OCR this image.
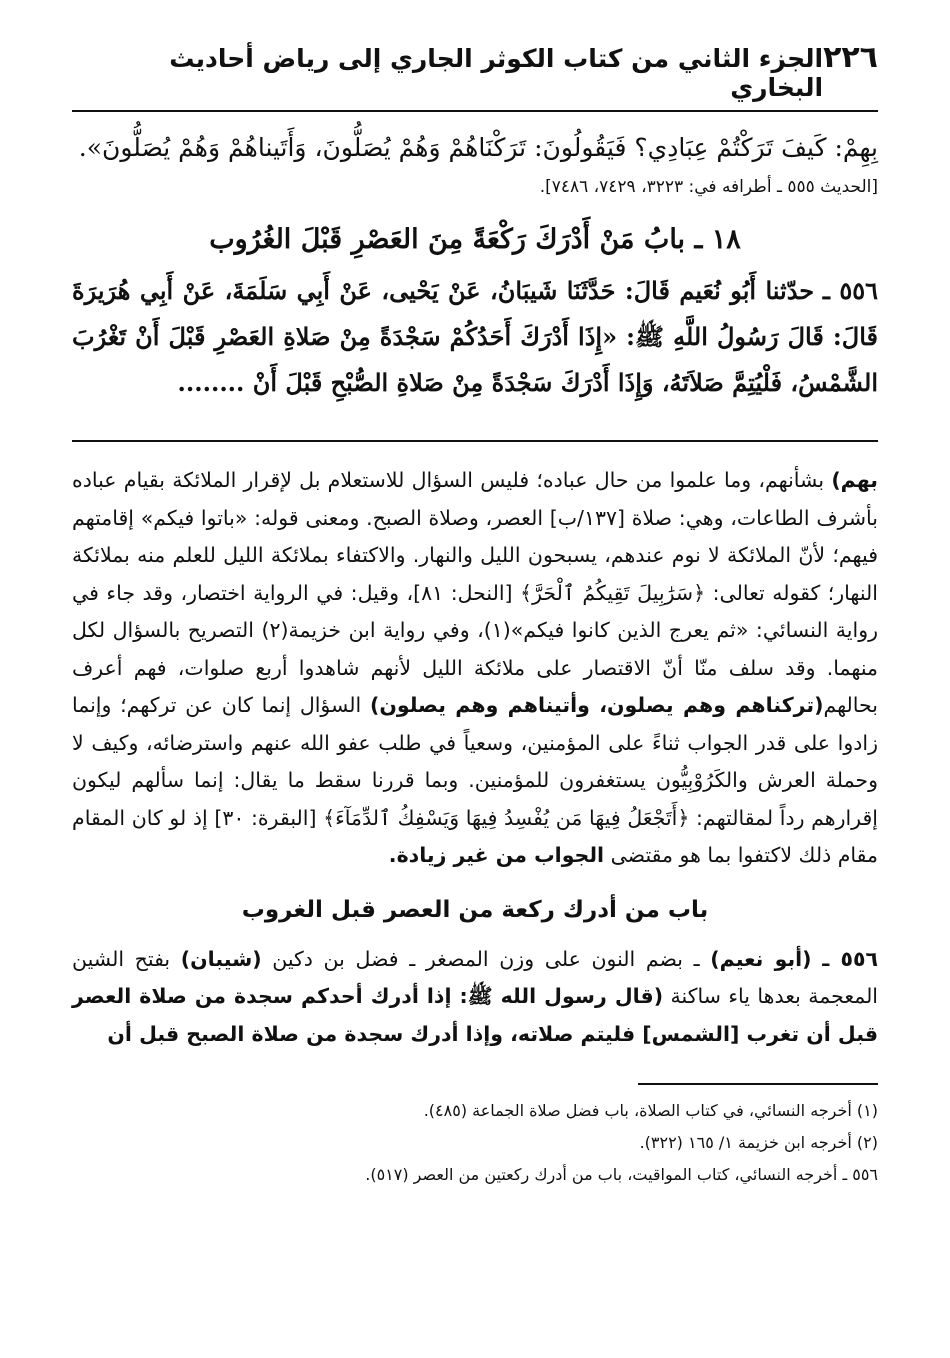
٢٢٦
الجزء الثاني من كتاب الكوثر الجاري إلى رياض أحاديث البخاري

بِهِمْ: كَيفَ تَرَكْتُمْ عِبَادِي؟ فَيَقُولُونَ: تَرَكْنَاهُمْ وَهُمْ يُصَلُّونَ، وَأَتَيناهُمْ وَهُمْ يُصَلُّونَ».

[الحديث ٥٥٥ ـ أطرافه في: ٣٢٢٣، ٧٤٢٩، ٧٤٨٦].
١٨ ـ بابُ مَنْ أَدْرَكَ رَكْعَةً مِنَ العَصْرِ قَبْلَ الغُرُوب

٥٥٦ ـ حدّثنا أَبُو نُعَيم قَالَ: حَدَّثَنَا شَيبَانُ، عَنْ يَحْيى، عَنْ أَبِي سَلَمَةَ، عَنْ أَبِي هُرَيرَةَ قَالَ: قَالَ رَسُولُ اللَّهِ ﷺ: «إِذَا أَدْرَكَ أَحَدُكُمْ سَجْدَةً مِنْ صَلاةِ العَصْرِ قَبْلَ أَنْ تَغْرُبَ الشَّمْسُ، فَلْيُتِمَّ صَلاَتَهُ، وَإِذَا أَدْرَكَ سَجْدَةً مِنْ صَلاةِ الصُّبْحِ قَبْلَ أَنْ ........

بهم) بشأنهم، وما علموا من حال عباده؛ فليس السؤال للاستعلام بل لإقرار الملائكة بقيام عباده بأشرف الطاعات، وهي: صلاة [١٣٧/ب] العصر، وصلاة الصبح. ومعنى قوله: «باتوا فيكم» إقامتهم فيهم؛ لأنّ الملائكة لا نوم عندهم، يسبحون الليل والنهار. والاكتفاء بملائكة الليل للعلم منه بملائكة النهار؛ كقوله تعالى: ﴿سَرَٰبِيلَ تَقِيكُمُ ٱلْحَرَّ﴾ [النحل: ٨١]، وقيل: في الرواية اختصار، وقد جاء في رواية النسائي: «ثم يعرج الذين كانوا فيكم»(١)، وفي رواية ابن خزيمة(٢) التصريح بالسؤال لكل منهما. وقد سلف منّا أنّ الاقتصار على ملائكة الليل لأنهم شاهدوا أربع صلوات، فهم أعرف بحالهم(تركناهم وهم يصلون، وأتيناهم وهم يصلون) السؤال إنما كان عن تركهم؛ وإنما زادوا على قدر الجواب ثناءً على المؤمنين، وسعياً في طلب عفو الله عنهم واسترضائه، وكيف لا وحملة العرش والكَرُوْبِيُّون يستغفرون للمؤمنين. وبما قررنا سقط ما يقال: إنما سألهم ليكون إقرارهم رداً لمقالتهم: ﴿أَتَجْعَلُ فِيهَا مَن يُفْسِدُ فِيهَا وَيَسْفِكُ ٱلدِّمَآءَ﴾ [البقرة: ٣٠] إذ لو كان المقام مقام ذلك لاكتفوا بما هو مقتضى الجواب من غير زيادة.

باب من أدرك ركعة من العصر قبل الغروب

٥٥٦ ـ (أبو نعيم) ـ بضم النون على وزن المصغر ـ فضل بن دكين (شيبان) بفتح الشين المعجمة بعدها ياء ساكنة (قال رسول الله ﷺ: إذا أدرك أحدكم سجدة من صلاة العصر قبل أن تغرب [الشمس] فليتم صلاته، وإذا أدرك سجدة من صلاة الصبح قبل أن

(١) أخرجه النسائي، في كتاب الصلاة، باب فضل صلاة الجماعة (٤٨٥).
(٢) أخرجه ابن خزيمة ١/ ١٦٥ (٣٢٢).
٥٥٦ ـ أخرجه النسائي، كتاب المواقيت، باب من أدرك ركعتين من العصر (٥١٧).
